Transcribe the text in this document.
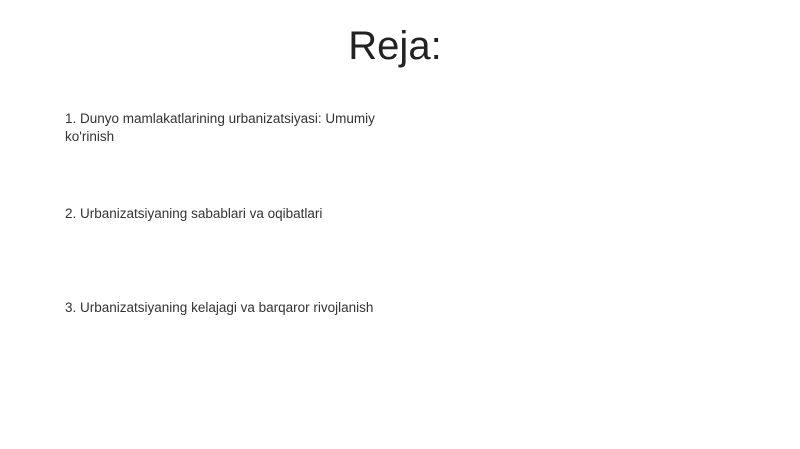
Reja:
1. Dunyo mamlakatlarining urbanizatsiyasi: Umumiy ko'rinish
2. Urbanizatsiyaning sabablari va oqibatlari
3. Urbanizatsiyaning kelajagi va barqaror rivojlanish
